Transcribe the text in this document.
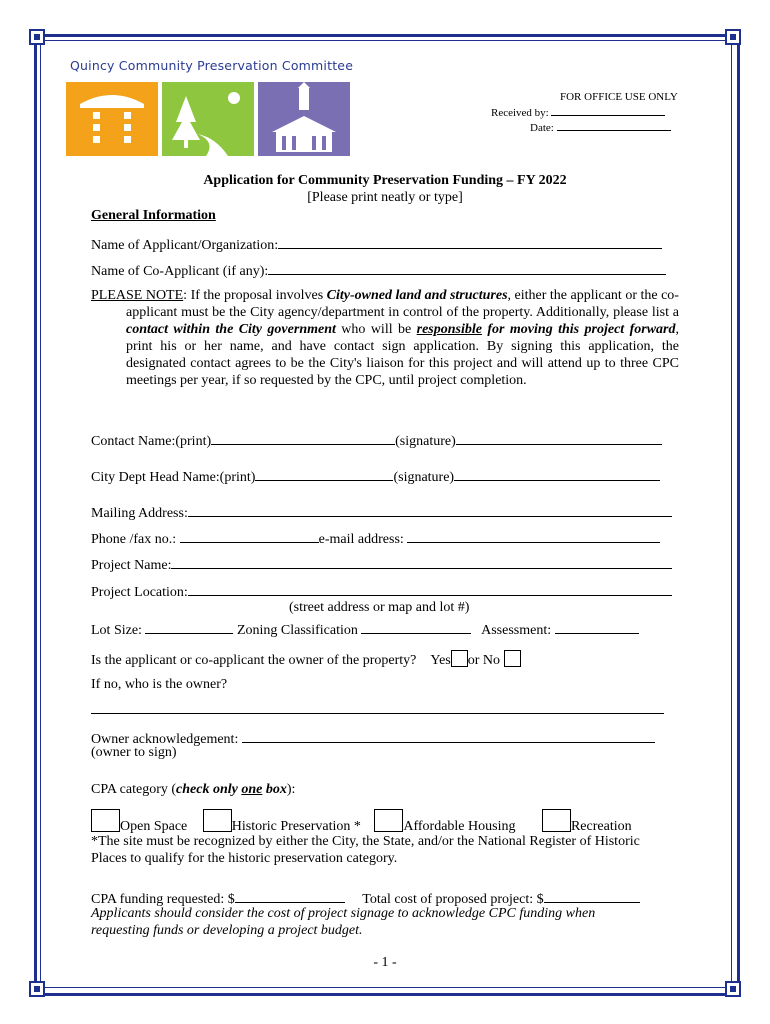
Quincy Community Preservation Committee
FOR OFFICE USE ONLY
Received by:
Date:
Application for Community Preservation Funding – FY 2022
[Please print neatly or type]
General Information
Name of Applicant/Organization:
Name of Co-Applicant (if any):
PLEASE NOTE: If the proposal involves City-owned land and structures, either the applicant or the co-applicant must be the City agency/department in control of the property. Additionally, please list a contact within the City government who will be responsible for moving this project forward, print his or her name, and have contact sign application. By signing this application, the designated contact agrees to be the City's liaison for this project and will attend up to three CPC meetings per year, if so requested by the CPC, until project completion.
Contact Name:(print)	(signature)
City Dept Head Name:(print)	(signature)
Mailing Address:
Phone /fax no.:	e-mail address:
Project Name:
Project Location:
(street address or map and lot #)
Lot Size:	Zoning Classification	Assessment:
Is the applicant or co-applicant the owner of the property? Yes or No
If no, who is the owner?
Owner acknowledgement:
(owner to sign)
CPA category (check only one box):
Open Space	Historic Preservation *	Affordable Housing	Recreation
*The site must be recognized by either the City, the State, and/or the National Register of Historic Places to qualify for the historic preservation category.
CPA funding requested: $	Total cost of proposed project: $
Applicants should consider the cost of project signage to acknowledge CPC funding when requesting funds or developing a project budget.
- 1 -
